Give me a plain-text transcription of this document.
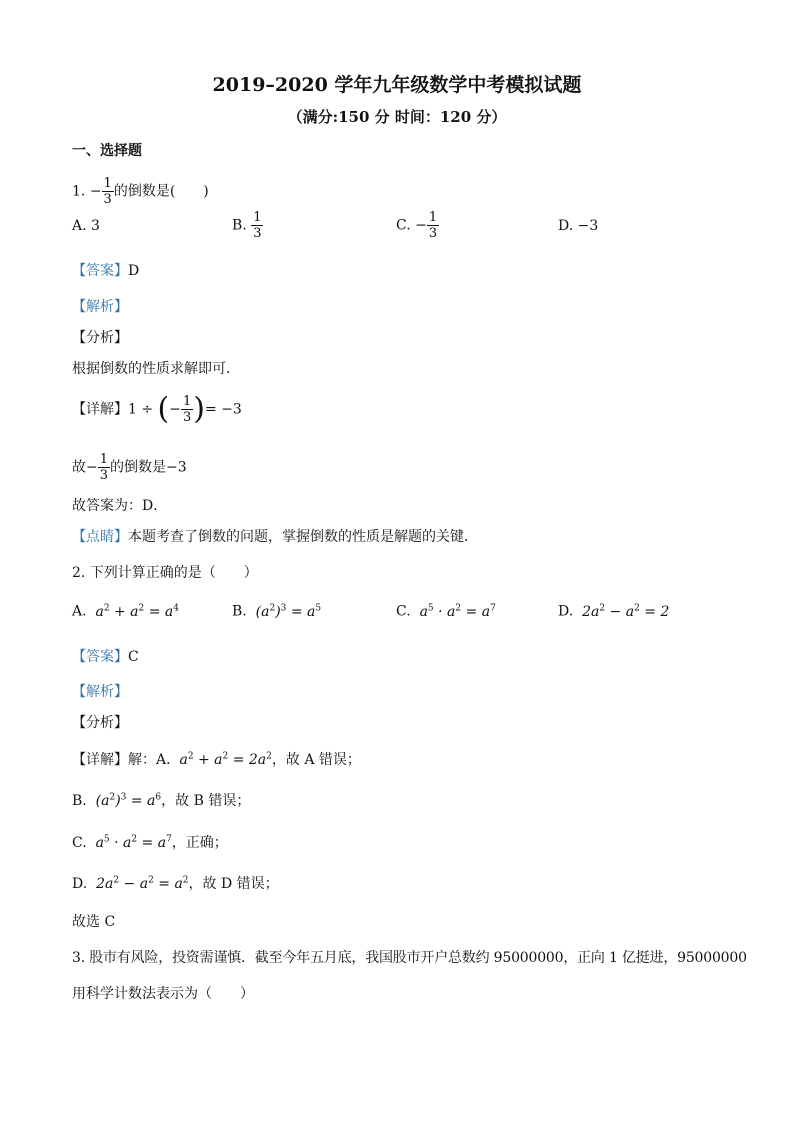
2019–2020 学年九年级数学中考模拟试题
（满分:150 分 时间：120 分）
一、选择题
1. − $\frac{1}{3}$ 的倒数是(　　)
A. 3	B. $\frac{1}{3}$	C. − $\frac{1}{3}$	D. −3
【答案】D
【解析】
【分析】
根据倒数的性质求解即可．
【详解】1 ÷ (− $\frac{1}{3}$ )= −3
故− $\frac{1}{3}$ 的倒数是−3
故答案为：D．
【点睛】本题考查了倒数的问题，掌握倒数的性质是解题的关键．
2. 下列计算正确的是（　　）
A.  $a^2 + a^2 = a^4$	B.  $(a^2)^3 = a^5$	C.  $a^5 \cdot a^2 = a^7$	D.  $2a^2 - a^2 = 2$
【答案】C
【解析】
【分析】
【详解】解：A.  $a^2 + a^2 = 2a^2$，故 A 错误；
B.  $(a^2)^3 = a^6$，故 B 错误；
C.  $a^5 \cdot a^2 = a^7$，正确；
D.  $2a^2 - a^2 = a^2$，故 D 错误；
故选 C
3. 股市有风险，投资需谨慎．截至今年五月底，我国股市开户总数约 95000000，正向 1 亿挺进，95000000
用科学计数法表示为（　　）
